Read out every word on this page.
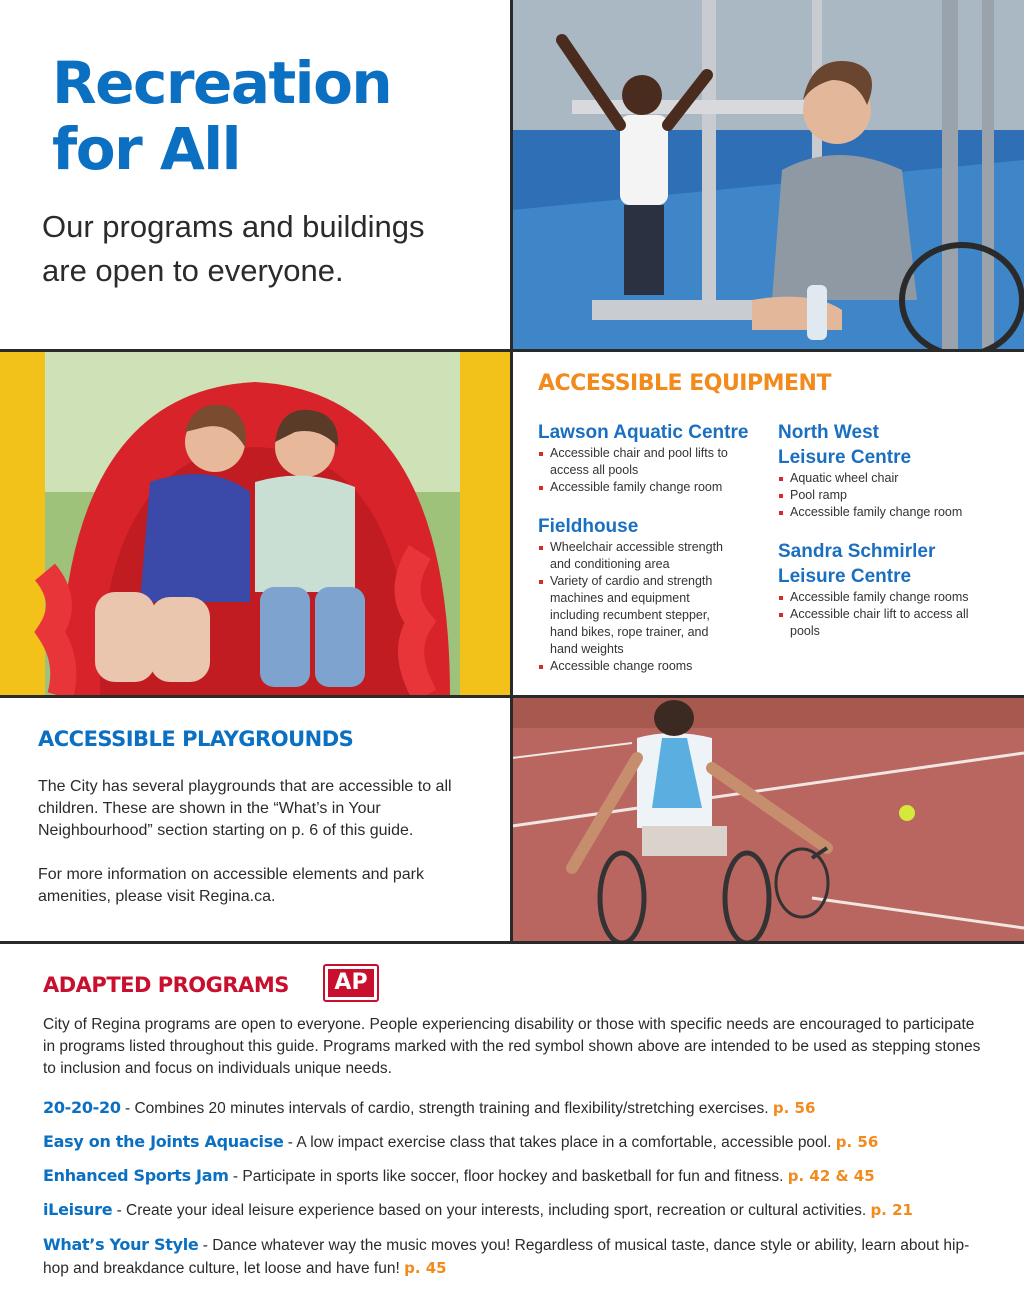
Recreation
for All
Our programs and buildings
are open to everyone.
ACCESSIBLE EQUIPMENT
Lawson Aquatic Centre
Accessible chair and pool lifts to access all pools
Accessible family change room
Fieldhouse
Wheelchair accessible strength and conditioning area
Variety of cardio and strength machines and equipment including recumbent stepper, hand bikes, rope trainer, and hand weights
Accessible change rooms
North West
Leisure Centre
Aquatic wheel chair
Pool ramp
Accessible family change room
Sandra Schmirler
Leisure Centre
Accessible family change rooms
Accessible chair lift to access all pools
ACCESSIBLE PLAYGROUNDS

The City has several playgrounds that are accessible to all children. These are shown in the “What’s in Your Neighbourhood” section starting on p. 6 of this guide.

For more information on accessible elements and park amenities, please visit Regina.ca.

ADAPTED PROGRAMS AP
City of Regina programs are open to everyone. People experiencing disability or those with specific needs are encouraged to participate in programs listed throughout this guide. Programs marked with the red symbol shown above are intended to be used as stepping stones to inclusion and focus on individuals unique needs.
20-20-20 - Combines 20 minutes intervals of cardio, strength training and flexibility/stretching exercises. p. 56
Easy on the Joints Aquacise - A low impact exercise class that takes place in a comfortable, accessible pool. p. 56
Enhanced Sports Jam - Participate in sports like soccer, floor hockey and basketball for fun and fitness. p. 42 & 45
iLeisure - Create your ideal leisure experience based on your interests, including sport, recreation or cultural activities. p. 21
What’s Your Style - Dance whatever way the music moves you! Regardless of musical taste, dance style or ability, learn about hip-hop and breakdance culture, let loose and have fun! p. 45
